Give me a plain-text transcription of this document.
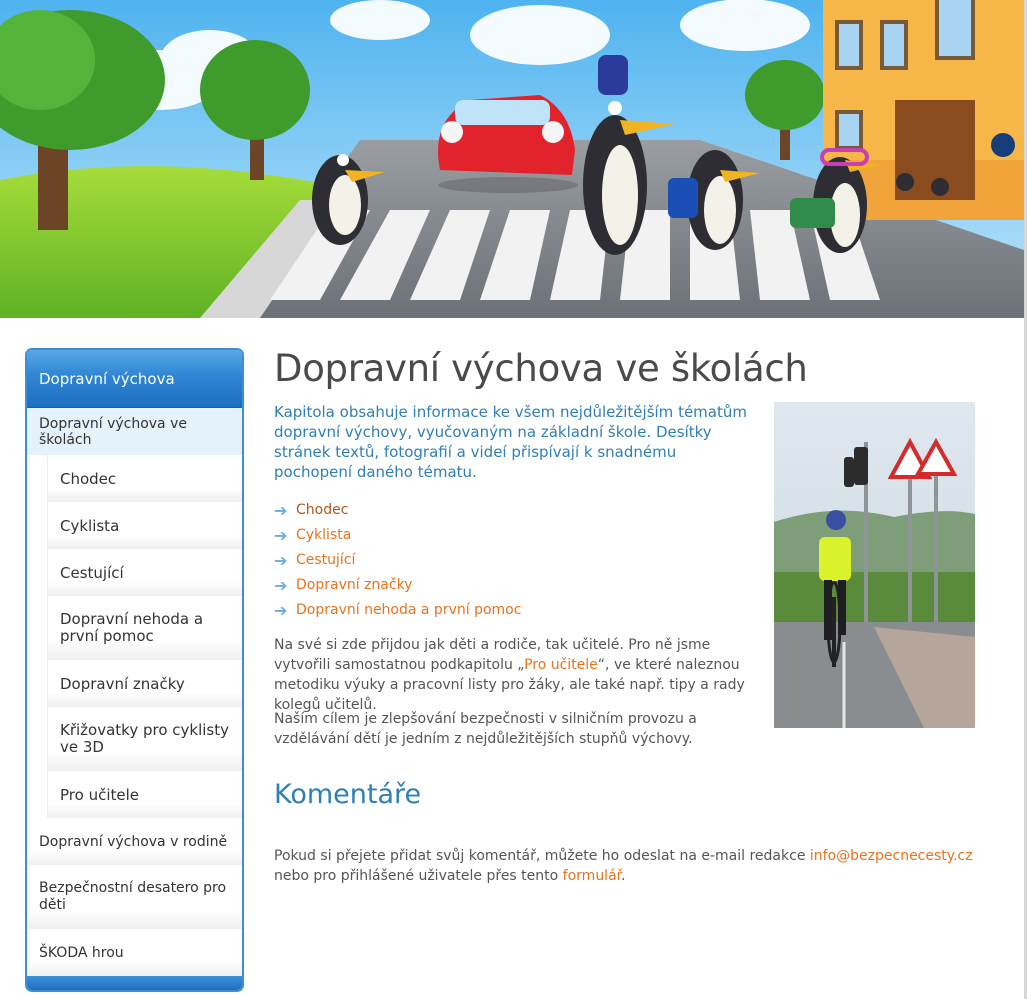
Dopravní výchova
Dopravní výchova ve školách
Chodec
Cyklista
Cestující
Dopravní nehoda a první pomoc
Dopravní značky
Křižovatky pro cyklisty ve 3D
Pro učitele
Dopravní výchova v rodině
Bezpečnostní desatero pro děti
ŠKODA hrou
Dopravní výchova ve školách

Kapitola obsahuje informace ke všem nejdůležitějším tématům dopravní výchovy, vyučovaným na základní škole. Desítky stránek textů, fotografií a videí přispívají k snadnému pochopení daného tématu.

➔ Chodec
➔ Cyklista
➔ Cestující
➔ Dopravní značky
➔ Dopravní nehoda a první pomoc

Na své si zde přijdou jak děti a rodiče, tak učitelé. Pro ně jsme vytvořili samostatnou podkapitolu „Pro učitele“, ve které naleznou metodiku výuky a pracovní listy pro žáky, ale také např. tipy a rady kolegů učitelů.

Naším cílem je zlepšování bezpečnosti v silničním provozu a vzdělávání dětí je jedním z nejdůležitějších stupňů výchovy.

Komentáře

Pokud si přejete přidat svůj komentář, můžete ho odeslat na e-mail redakce info@bezpecnecesty.cz nebo pro přihlášené uživatele přes tento formulář.
